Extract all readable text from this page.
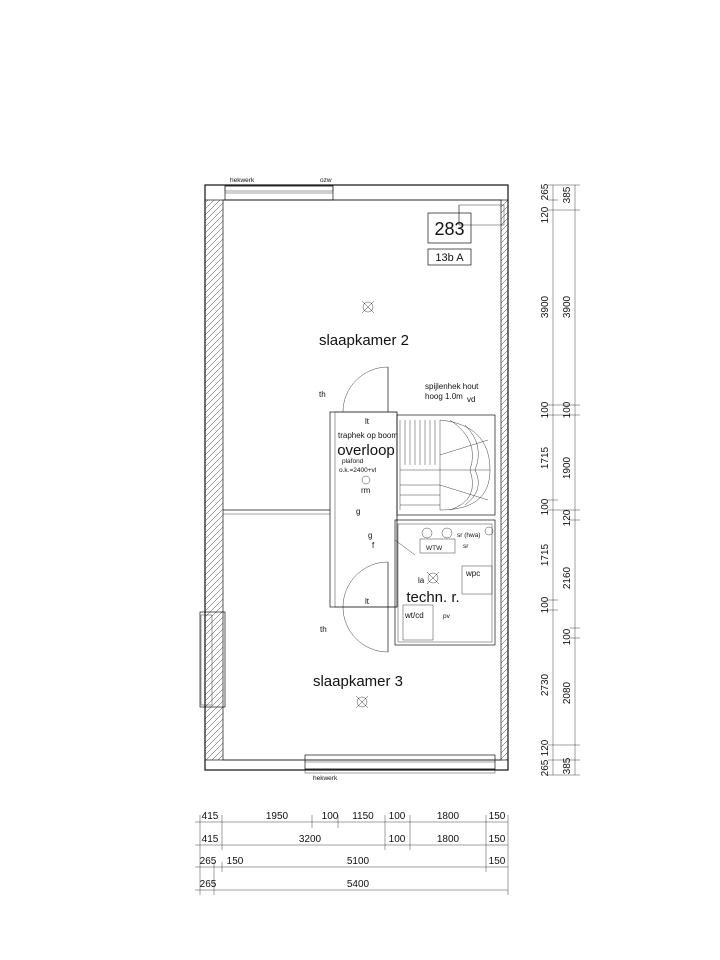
283
13b A
slaapkamer 2
slaapkamer 3
overloop
techn. r.
hekwerk	ozw
hekwerk
spijlenhek hout
hoog 1.0m vd
traphek op boom
plafond
o.k.=2400+vl
rm
lt
lt
th
th
g
g
f
sr (hwa)
sr
la
wpc
wt/cd	pv
WTW
265
120
3900
100
1715
100
1715
100
2730
120
265
385
3900
100
1900
120
2160
100
2080
385
415	1950	100 1150 100	1800	150
415	3200	100	1800	150
265 150	5100	150
265	5400
